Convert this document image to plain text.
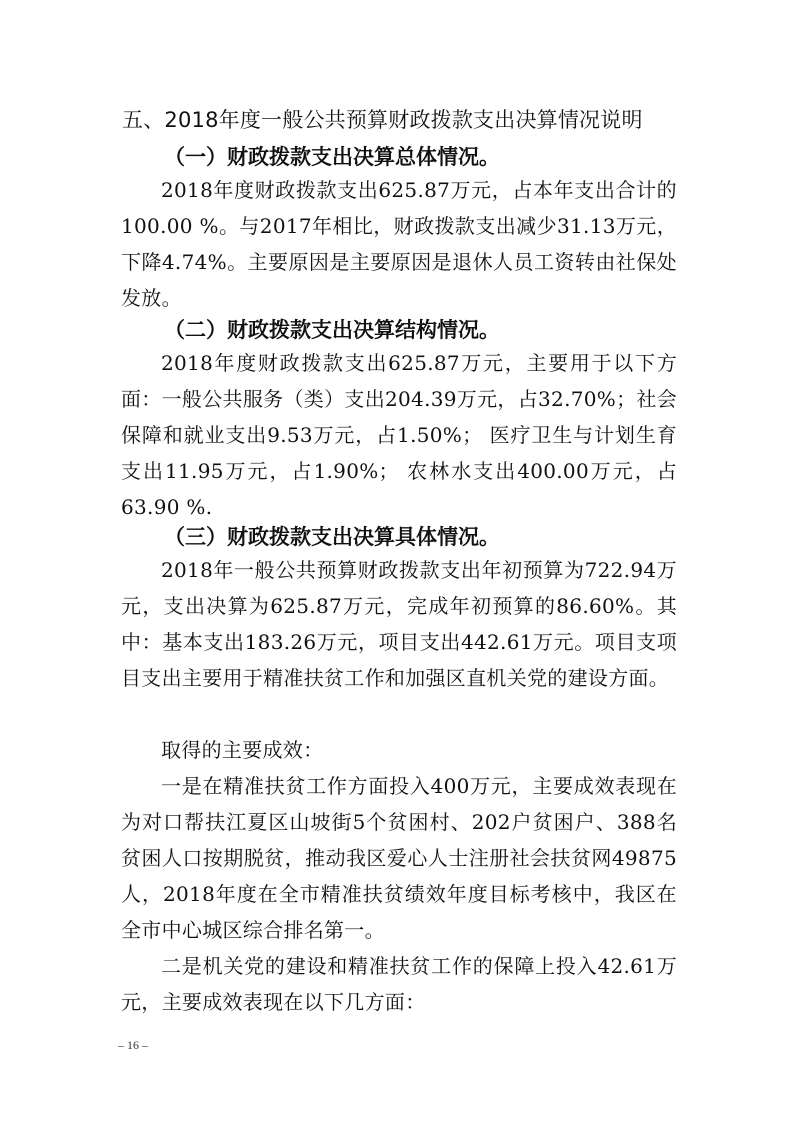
五、2018年度一般公共预算财政拨款支出决算情况说明
（一）财政拨款支出决算总体情况。
2018年度财政拨款支出625.87万元，占本年支出合计的100.00 %。与2017年相比，财政拨款支出减少31.13万元，下降4.74%。主要原因是主要原因是退休人员工资转由社保处发放。
（二）财政拨款支出决算结构情况。
2018年度财政拨款支出625.87万元，主要用于以下方面：一般公共服务（类）支出204.39万元，占32.70%；社会保障和就业支出9.53万元，占1.50%； 医疗卫生与计划生育支出11.95万元，占1.90%； 农林水支出400.00万元，占63.90 %.
（三）财政拨款支出决算具体情况。
2018年一般公共预算财政拨款支出年初预算为722.94万元，支出决算为625.87万元，完成年初预算的86.60%。其中：基本支出183.26万元，项目支出442.61万元。项目支项目支出主要用于精准扶贫工作和加强区直机关党的建设方面。
取得的主要成效：
一是在精准扶贫工作方面投入400万元，主要成效表现在为对口帮扶江夏区山坡街5个贫困村、202户贫困户、388名贫困人口按期脱贫，推动我区爱心人士注册社会扶贫网49875人，2018年度在全市精准扶贫绩效年度目标考核中，我区在全市中心城区综合排名第一。
二是机关党的建设和精准扶贫工作的保障上投入42.61万元，主要成效表现在以下几方面：
– 16 –
